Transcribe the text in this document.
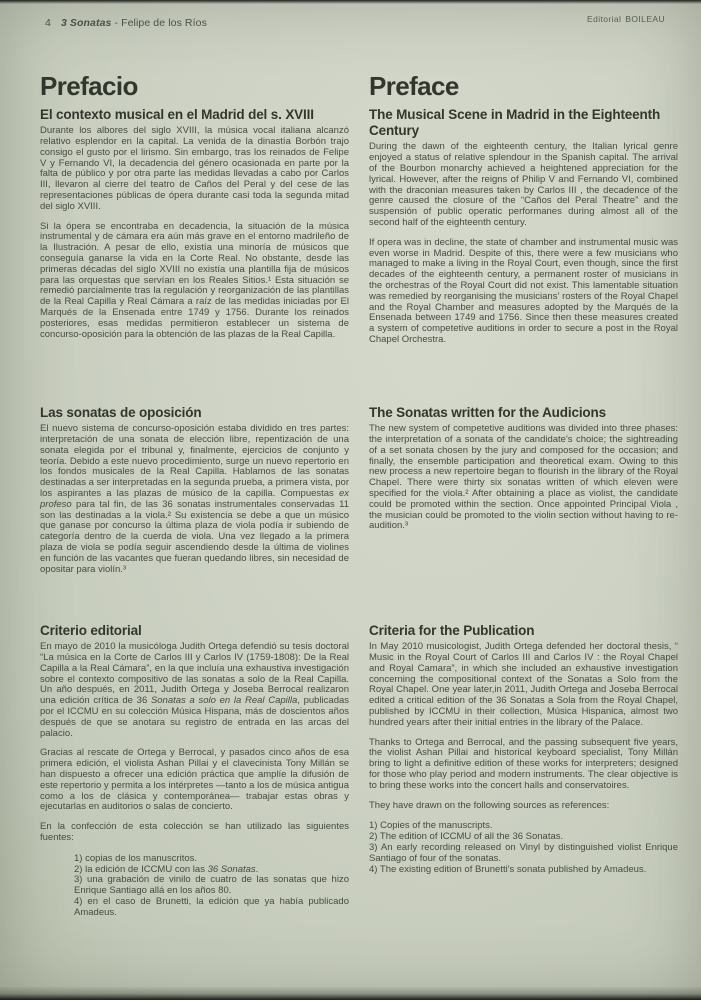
4 3 Sonatas - Felipe de los Ríos	Editorial BOILEAU
Prefacio
El contexto musical en el Madrid del s. XVIII

Durante los albores del siglo XVIII, la música vocal italiana alcanzó relativo esplendor en la capital. La venida de la dinastía Borbón trajo consigo el gusto por el lirismo. Sin embargo, tras los reinados de Felipe V y Fernando VI, la decadencia del género ocasionada en parte por la falta de público y por otra parte las medidas llevadas a cabo por Carlos III, llevaron al cierre del teatro de Caños del Peral y del cese de las representaciones públicas de ópera durante casi toda la segunda mitad del siglo XVIII.

Si la ópera se encontraba en decadencia, la situación de la música instrumental y de cámara era aún más grave en el entorno madrileño de la Ilustración. A pesar de ello, existía una minoría de músicos que conseguía ganarse la vida en la Corte Real. No obstante, desde las primeras décadas del siglo XVIII no existía una plantilla fija de músicos para las orquestas que servían en los Reales Sitios.¹ Esta situación se remedió parcialmente tras la regulación y reorganización de las plantillas de la Real Capilla y Real Cámara a raíz de las medidas iniciadas por El Marqués de la Ensenada entre 1749 y 1756. Durante los reinados posteriores, esas medidas permitieron establecer un sistema de concurso-oposición para la obtención de las plazas de la Real Capilla.

Las sonatas de oposición

El nuevo sistema de concurso-oposición estaba dividido en tres partes: interpretación de una sonata de elección libre, repentización de una sonata elegida por el tribunal y, finalmente, ejercicios de conjunto y teoría. Debido a este nuevo procedimiento, surge un nuevo repertorio en los fondos musicales de la Real Capilla. Hablamos de las sonatas destinadas a ser interpretadas en la segunda prueba, a primera vista, por los aspirantes a las plazas de músico de la capilla. Compuestas ex profeso para tal fin, de las 36 sonatas instrumentales conservadas 11 son las destinadas a la viola.² Su existencia se debe a que un músico que ganase por concurso la última plaza de viola podía ir subiendo de categoría dentro de la cuerda de viola. Una vez llegado a la primera plaza de viola se podía seguir ascendiendo desde la última de violines en función de las vacantes que fueran quedando libres, sin necesidad de opositar para violín.³

Criterio editorial

En mayo de 2010 la musicóloga Judith Ortega defendió su tesis doctoral “La música en la Corte de Carlos III y Carlos IV (1759-1808): De la Real Capilla a la Real Cámara”, en la que incluía una exhaustiva investigación sobre el contexto compositivo de las sonatas a solo de la Real Capilla. Un año después, en 2011, Judith Ortega y Joseba Berrocal realizaron una edición crítica de 36 Sonatas a solo en la Real Capilla, publicadas por el ICCMU en su colección Música Hispana, más de doscientos años después de que se anotara su registro de entrada en las arcas del palacio.

Gracias al rescate de Ortega y Berrocal, y pasados cinco años de esa primera edición, el violista Ashan Pillai y el clavecinista Tony Millán se han dispuesto a ofrecer una edición práctica que amplíe la difusión de este repertorio y permita a los intérpretes —tanto a los de música antigua como a los de clásica y contemporánea— trabajar estas obras y ejecutarlas en auditorios o salas de concierto.

En la confección de esta colección se han utilizado las siguientes fuentes:

1) copias de los manuscritos.
2) la edición de ICCMU con las 36 Sonatas.
3) una grabación de vinilo de cuatro de las sonatas que hizo Enrique Santiago allá en los años 80.
4) en el caso de Brunetti, la edición que ya había publicado Amadeus.
Preface
The Musical Scene in Madrid in the Eighteenth Century

During the dawn of the eighteenth century, the Italian lyrical genre enjoyed a status of relative splendour in the Spanish capital. The arrival of the Bourbon monarchy achieved a heightened appreciation for the lyrical. However, after the reigns of Philip V and Fernando VI, combined with the draconian measures taken by Carlos III , the decadence of the genre caused the closure of the “Caños del Peral Theatre” and the suspensión of public operatic performanes during almost all of the second half of the eighteenth century.

If opera was in decline, the state of chamber and instrumental music was even worse in Madrid. Despite of this, there were a few musicians who managed to make a living in the Royal Court, even though, since the first decades of the eighteenth century, a permanent roster of musicians in the orchestras of the Royal Court did not exist. This lamentable situation was remedied by reorganising the musicians’ rosters of the Royal Chapel and the Royal Chamber and measures adopted by the Marqués de la Ensenada between 1749 and 1756. Since then these measures created a system of competetive auditions in order to secure a post in the Royal Chapel Orchestra.

The Sonatas written for the Audicions

The new system of competetive auditions was divided into three phases: the interpretation of a sonata of the candidate's choice; the sightreading of a set sonata chosen by the jury and composed for the occasion; and finally, the ensemble participation and theoretical exam. Owing to this new process a new repertoire began to flourish in the library of the Royal Chapel. There were thirty six sonatas written of which eleven were specified for the viola.² After obtaining a place as violist, the candidate could be promoted within the section. Once appointed Principal Viola , the musician could be promoted to the violin section without having to re-audition.³

Criteria for the Publication

In May 2010 musicologist, Judith Ortega defended her doctoral thesis, “ Music in the Royal Court of Carlos III and Carlos IV : the Royal Chapel and Royal Camara”, in which she included an exhaustive investigation concerning the compositional context of the Sonatas a Solo from the Royal Chapel. One year later,in 2011, Judith Ortega and Joseba Berrocal edited a critical edition of the 36 Sonatas a Sola from the Royal Chapel, published by ICCMU in their collection, Música Hispanica, almost two hundred years after their initial entries in the library of the Palace.

Thanks to Ortega and Berrocal, and the passing subsequent five years, the violist Ashan Pillai and historical keyboard specialist, Tony Millán bring to light a definitive edition of these works for interpreters; designed for those who play period and modern instruments. The clear objective is to bring these works into the concert halls and conservatoires.

They have drawn on the following sources as references:

1) Copies of the manuscripts.
2) The edition of ICCMU of all the 36 Sonatas.
3) An early recording released on Vinyl by distinguished violist Enrique Santiago of four of the sonatas.
4) The existing edition of Brunetti's sonata published by Amadeus.
